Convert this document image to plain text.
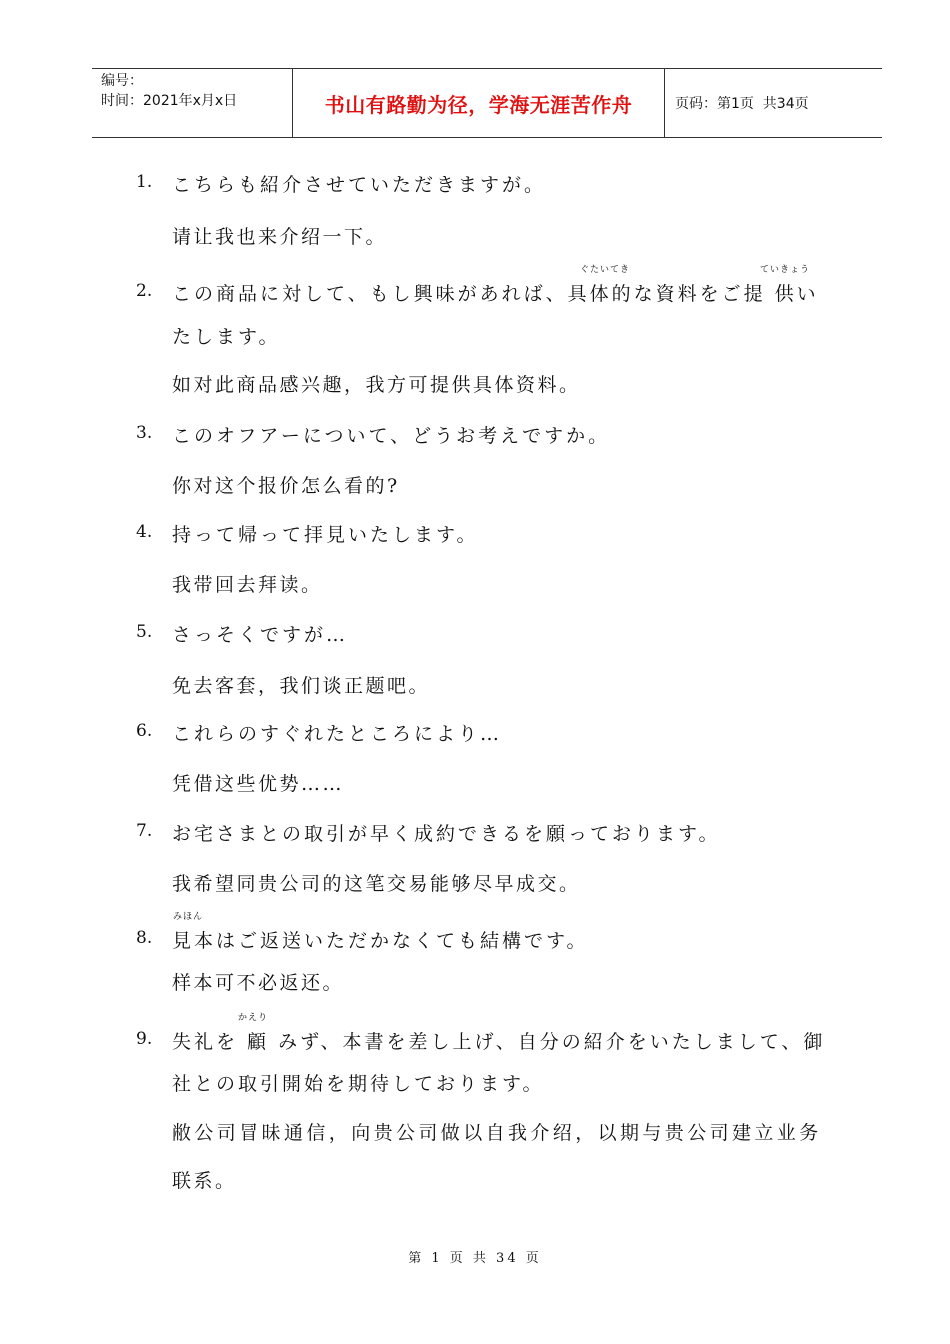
编号：
时间：2021年x月x日	书山有路勤为径，学海无涯苦作舟	页码：第1页  共34页
1. こちらも紹介させていただきますが。
请让我也来介绍一下。
ぐたいてき	ていきょう
2. この商品に対して、もし興味があれば、具体的な資料をご提 供い
たします。
如对此商品感兴趣，我方可提供具体资料。
3. このオフアーについて、どうお考えですか。
你对这个报价怎么看的?
4. 持って帰って拝見いたします。
我带回去拜读。
5. さっそくですが…
免去客套，我们谈正题吧。
6. これらのすぐれたところにより…
凭借这些优势……
7. お宅さまとの取引が早く成約できるを願っております。
我希望同贵公司的这笔交易能够尽早成交。
みほん
8. 見本はご返送いただかなくても結構です。
样本可不必返还。
かえり
9. 失礼を 顧 みず、本書を差し上げ、自分の紹介をいたしまして、御
社との取引開始を期待しております。
敝公司冒昧通信，向贵公司做以自我介绍，以期与贵公司建立业务
联系。
第 1 页 共 34 页
